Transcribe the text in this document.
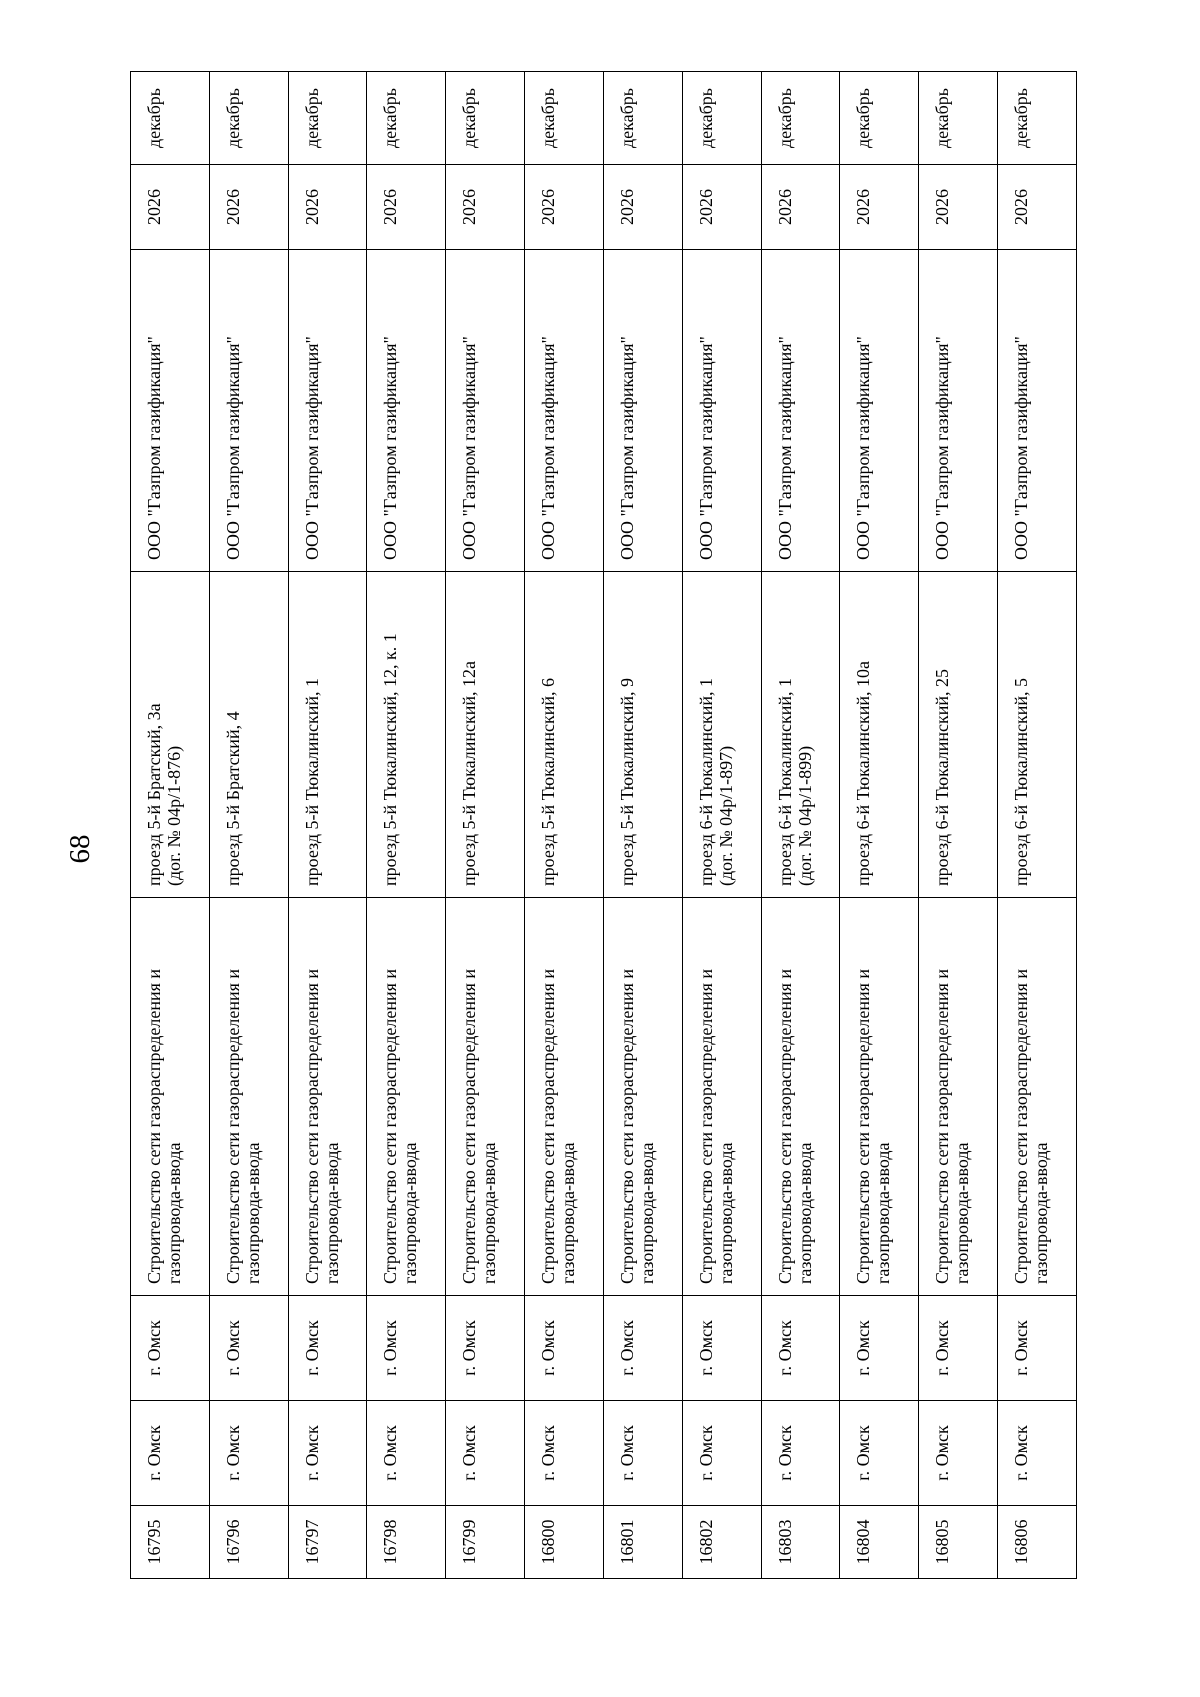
68
16795	г. Омск	г. Омск	Строительство сети газораспределения и газопровода-ввода	проезд 5-й Братский, 3а (дог. № 04р/1-876)	ООО "Газпром газификация"	2026	декабрь
16796	г. Омск	г. Омск	Строительство сети газораспределения и газопровода-ввода	проезд 5-й Братский, 4	ООО "Газпром газификация"	2026	декабрь
16797	г. Омск	г. Омск	Строительство сети газораспределения и газопровода-ввода	проезд 5-й Тюкалинский, 1	ООО "Газпром газификация"	2026	декабрь
16798	г. Омск	г. Омск	Строительство сети газораспределения и газопровода-ввода	проезд 5-й Тюкалинский, 12, к. 1	ООО "Газпром газификация"	2026	декабрь
16799	г. Омск	г. Омск	Строительство сети газораспределения и газопровода-ввода	проезд 5-й Тюкалинский, 12а	ООО "Газпром газификация"	2026	декабрь
16800	г. Омск	г. Омск	Строительство сети газораспределения и газопровода-ввода	проезд 5-й Тюкалинский, 6	ООО "Газпром газификация"	2026	декабрь
16801	г. Омск	г. Омск	Строительство сети газораспределения и газопровода-ввода	проезд 5-й Тюкалинский, 9	ООО "Газпром газификация"	2026	декабрь
16802	г. Омск	г. Омск	Строительство сети газораспределения и газопровода-ввода	проезд 6-й Тюкалинский, 1 (дог. № 04р/1-897)	ООО "Газпром газификация"	2026	декабрь
16803	г. Омск	г. Омск	Строительство сети газораспределения и газопровода-ввода	проезд 6-й Тюкалинский, 1 (дог. № 04р/1-899)	ООО "Газпром газификация"	2026	декабрь
16804	г. Омск	г. Омск	Строительство сети газораспределения и газопровода-ввода	проезд 6-й Тюкалинский, 10а	ООО "Газпром газификация"	2026	декабрь
16805	г. Омск	г. Омск	Строительство сети газораспределения и газопровода-ввода	проезд 6-й Тюкалинский, 25	ООО "Газпром газификация"	2026	декабрь
16806	г. Омск	г. Омск	Строительство сети газораспределения и газопровода-ввода	проезд 6-й Тюкалинский, 5	ООО "Газпром газификация"	2026	декабрь
